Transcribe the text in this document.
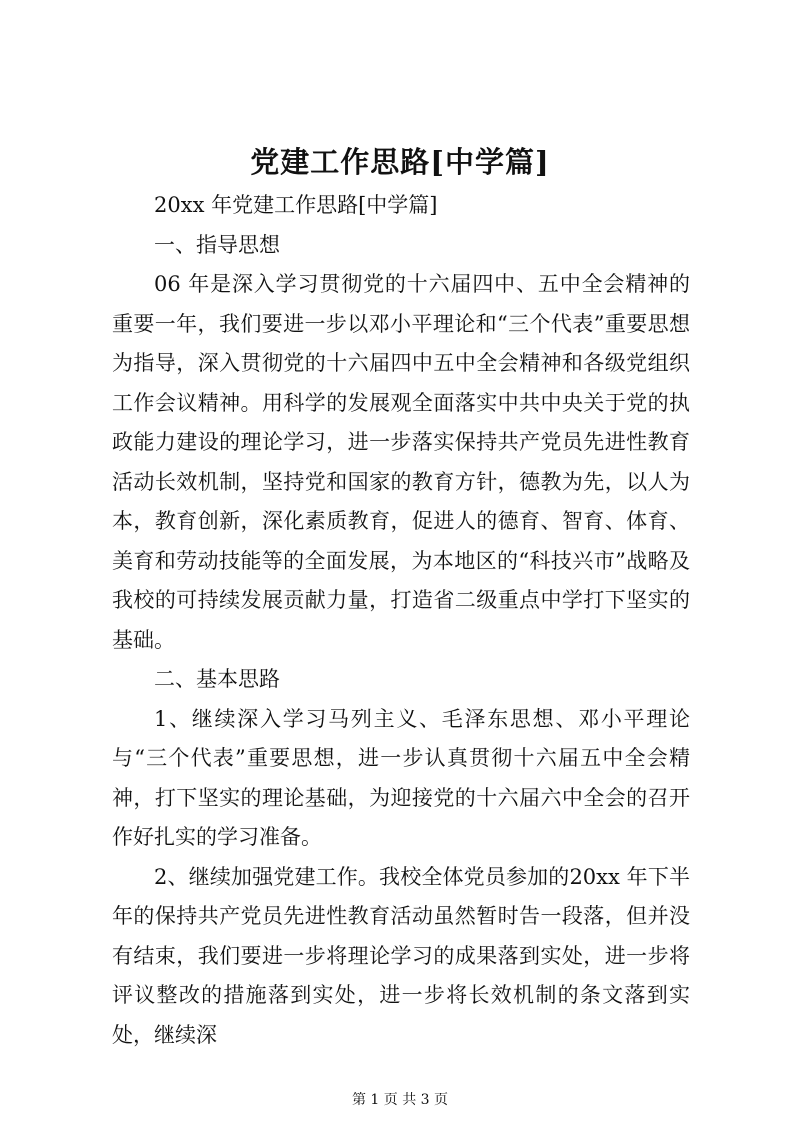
党建工作思路[中学篇]

20xx 年党建工作思路[中学篇]

一、指导思想

06 年是深入学习贯彻党的十六届四中、五中全会精神的重要一年，我们要进一步以邓小平理论和“三个代表”重要思想为指导，深入贯彻党的十六届四中五中全会精神和各级党组织工作会议精神。用科学的发展观全面落实中共中央关于党的执政能力建设的理论学习，进一步落实保持共产党员先进性教育活动长效机制，坚持党和国家的教育方针，德教为先，以人为本，教育创新，深化素质教育，促进人的德育、智育、体育、美育和劳动技能等的全面发展，为本地区的“科技兴市”战略及我校的可持续发展贡献力量，打造省二级重点中学打下坚实的基础。

二、基本思路

1、继续深入学习马列主义、毛泽东思想、邓小平理论与“三个代表”重要思想，进一步认真贯彻十六届五中全会精神，打下坚实的理论基础，为迎接党的十六届六中全会的召开作好扎实的学习准备。

2、继续加强党建工作。我校全体党员参加的20xx 年下半年的保持共产党员先进性教育活动虽然暂时告一段落，但并没有结束，我们要进一步将理论学习的成果落到实处，进一步将评议整改的措施落到实处，进一步将长效机制的条文落到实处，继续深

第 1 页 共 3 页
